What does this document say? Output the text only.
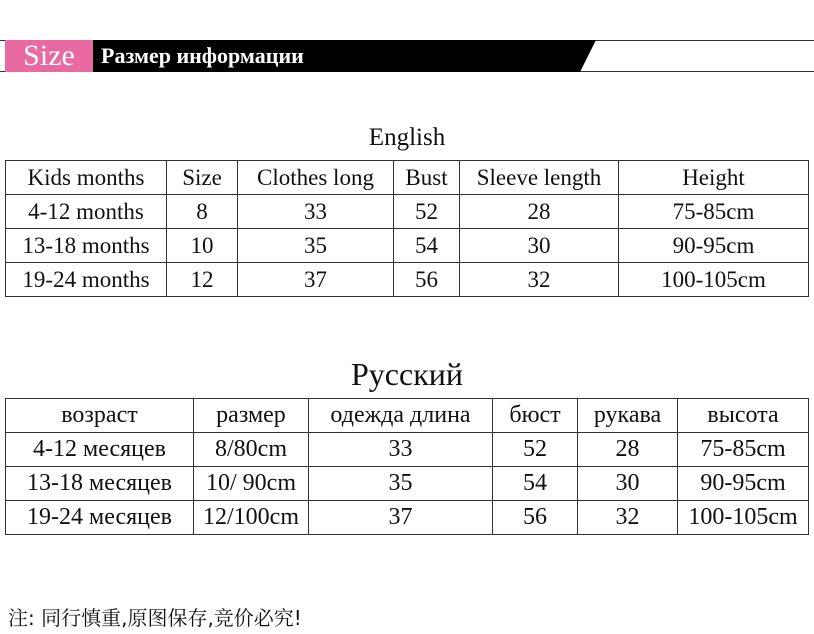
Size	Размер информации
English
Kids months	Size	Clothes long	Bust	Sleeve length	Height
4-12 months	8	33	52	28	75-85cm
13-18 months	10	35	54	30	90-95cm
19-24 months	12	37	56	32	100-105cm
Русский
возраст	размер	одежда длина	бюст	рукава	высота
4-12 месяцев	8/80cm	33	52	28	75-85cm
13-18 месяцев	10/ 90cm	35	54	30	90-95cm
19-24 месяцев	12/100cm	37	56	32	100-105cm
注: 同行慎重,原图保存,竞价必究!
